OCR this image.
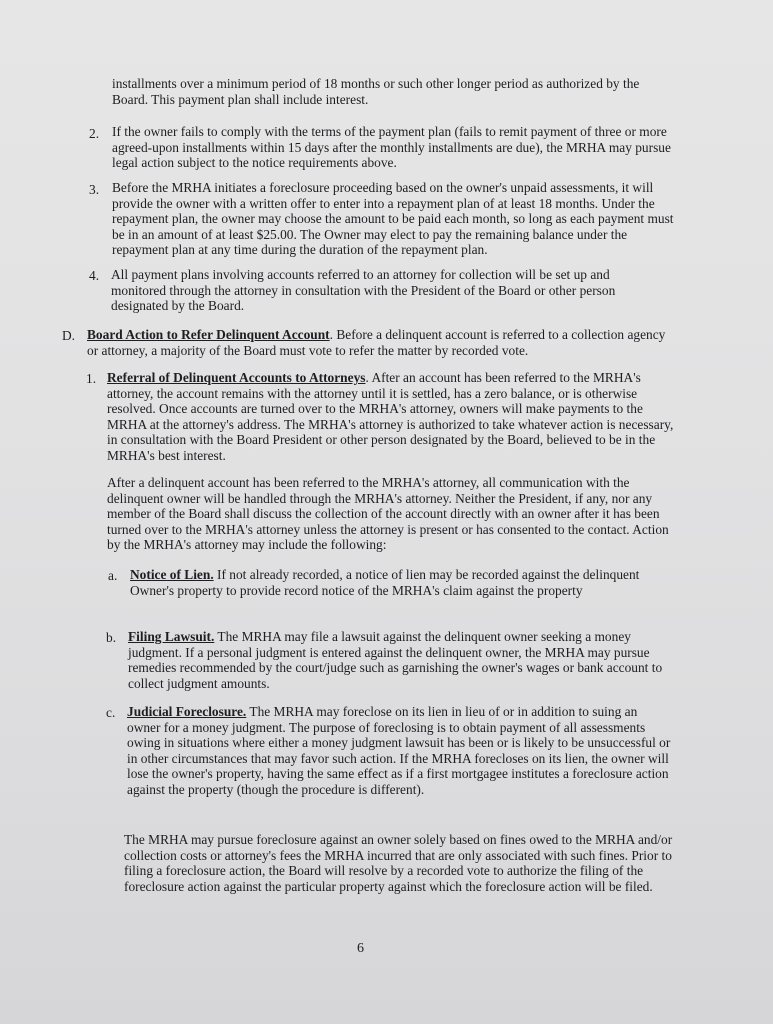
installments over a minimum period of 18 months or such other longer period as authorized by the Board. This payment plan shall include interest.

2. If the owner fails to comply with the terms of the payment plan (fails to remit payment of three or more agreed-upon installments within 15 days after the monthly installments are due), the MRHA may pursue legal action subject to the notice requirements above.
3. Before the MRHA initiates a foreclosure proceeding based on the owner's unpaid assessments, it will provide the owner with a written offer to enter into a repayment plan of at least 18 months. Under the repayment plan, the owner may choose the amount to be paid each month, so long as each payment must be in an amount of at least $25.00. The Owner may elect to pay the remaining balance under the repayment plan at any time during the duration of the repayment plan.
4. All payment plans involving accounts referred to an attorney for collection will be set up and monitored through the attorney in consultation with the President of the Board or other person designated by the Board.
D. Board Action to Refer Delinquent Account. Before a delinquent account is referred to a collection agency or attorney, a majority of the Board must vote to refer the matter by recorded vote.

1. Referral of Delinquent Accounts to Attorneys. After an account has been referred to the MRHA's attorney, the account remains with the attorney until it is settled, has a zero balance, or is otherwise resolved. Once accounts are turned over to the MRHA's attorney, owners will make payments to the MRHA at the attorney's address. The MRHA's attorney is authorized to take whatever action is necessary, in consultation with the Board President or other person designated by the Board, believed to be in the MRHA's best interest.

After a delinquent account has been referred to the MRHA's attorney, all communication with the delinquent owner will be handled through the MRHA's attorney. Neither the President, if any, nor any member of the Board shall discuss the collection of the account directly with an owner after it has been turned over to the MRHA's attorney unless the attorney is present or has consented to the contact. Action by the MRHA's attorney may include the following:
a. Notice of Lien. If not already recorded, a notice of lien may be recorded against the delinquent Owner's property to provide record notice of the MRHA's claim against the property

b. Filing Lawsuit. The MRHA may file a lawsuit against the delinquent owner seeking a money judgment. If a personal judgment is entered against the delinquent owner, the MRHA may pursue remedies recommended by the court/judge such as garnishing the owner's wages or bank account to collect judgment amounts.

c. Judicial Foreclosure. The MRHA may foreclose on its lien in lieu of or in addition to suing an owner for a money judgment. The purpose of foreclosing is to obtain payment of all assessments owing in situations where either a money judgment lawsuit has been or is likely to be unsuccessful or in other circumstances that may favor such action. If the MRHA forecloses on its lien, the owner will lose the owner's property, having the same effect as if a first mortgagee institutes a foreclosure action against the property (though the procedure is different).

The MRHA may pursue foreclosure against an owner solely based on fines owed to the MRHA and/or collection costs or attorney's fees the MRHA incurred that are only associated with such fines. Prior to filing a foreclosure action, the Board will resolve by a recorded vote to authorize the filing of the foreclosure action against the particular property against which the foreclosure action will be filed.
6
